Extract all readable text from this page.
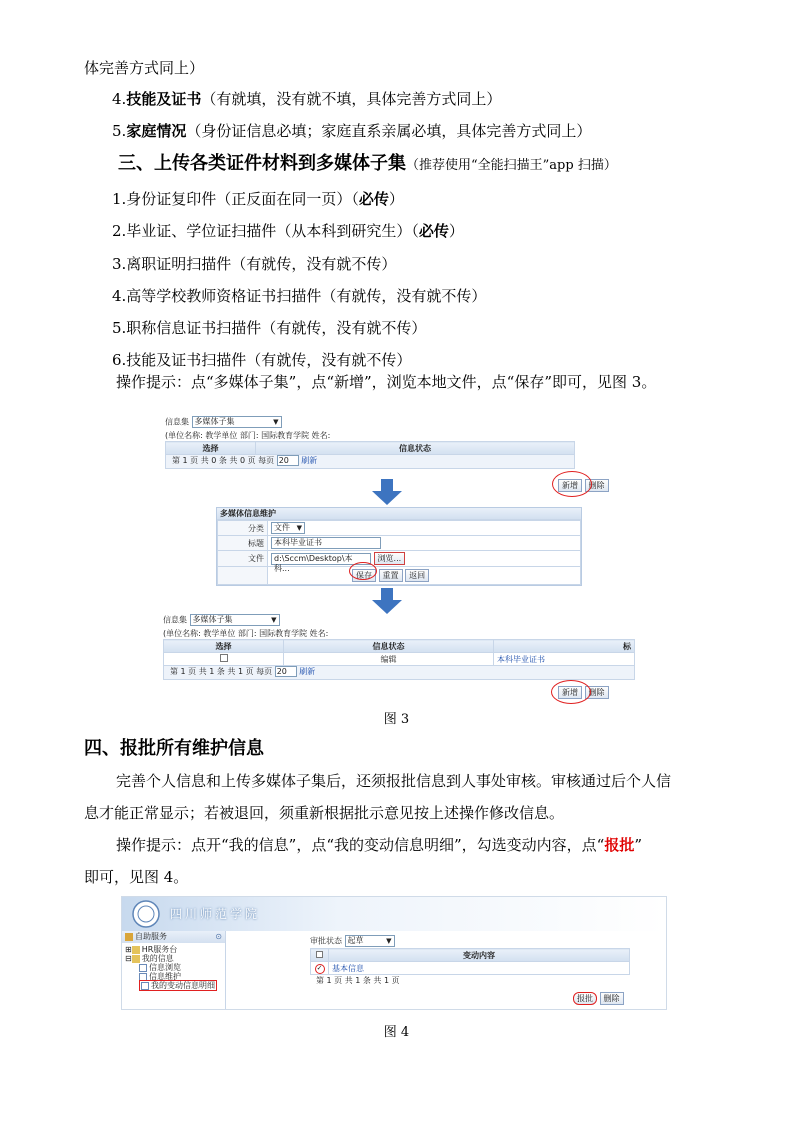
体完善方式同上）
4.技能及证书（有就填，没有就不填，具体完善方式同上）
5.家庭情况（身份证信息必填；家庭直系亲属必填，具体完善方式同上）
三、上传各类证件材料到多媒体子集（推荐使用“全能扫描王”app 扫描）
1.身份证复印件（正反面在同一页）（必传）
2.毕业证、学位证扫描件（从本科到研究生）（必传）
3.离职证明扫描件（有就传，没有就不传）
4.高等学校教师资格证书扫描件（有就传，没有就不传）
5.职称信息证书扫描件（有就传，没有就不传）
6.技能及证书扫描件（有就传，没有就不传）
操作提示：点“多媒体子集”，点“新增”，浏览本地文件，点“保存”即可，见图 3。
信息集 多媒体子集	▼
(单位名称: 教学单位 部门: 国际教育学院 姓名:
选择	信息状态
第 1 页 共 0 条 共 0 页 每页 20 刷新
新增 删除
多媒体信息维护
分类	文件 ▼

标题	本科毕业证书
文件	d:\Sccm\Desktop\本科... 浏览...
	保存 重置 返回
信息集 多媒体子集	▼
(单位名称: 教学单位 部门: 国际教育学院 姓名:
选择	信息状态	标
	编辑	本科毕业证书
第 1 页 共 1 条 共 1 页 每页 20 刷新
新增 删除
图 3
四、报批所有维护信息
完善个人信息和上传多媒体子集后，还须报批信息到人事处审核。审核通过后个人信
息才能正常显示；若被退回，须重新根据批示意见按上述操作修改信息。
操作提示：点开“我的信息”，点“我的变动信息明细”，勾选变动内容，点“报批”
即可，见图 4。
四川师范学院
自助服务	⊙
⊞ HR服务台
⊟ 我的信息
信息浏览
信息维护
我的变动信息明细
审批状态 起草	▼
	变动内容
✓	基本信息
第 1 页 共 1 条 共 1 页
报批 删除
图 4
